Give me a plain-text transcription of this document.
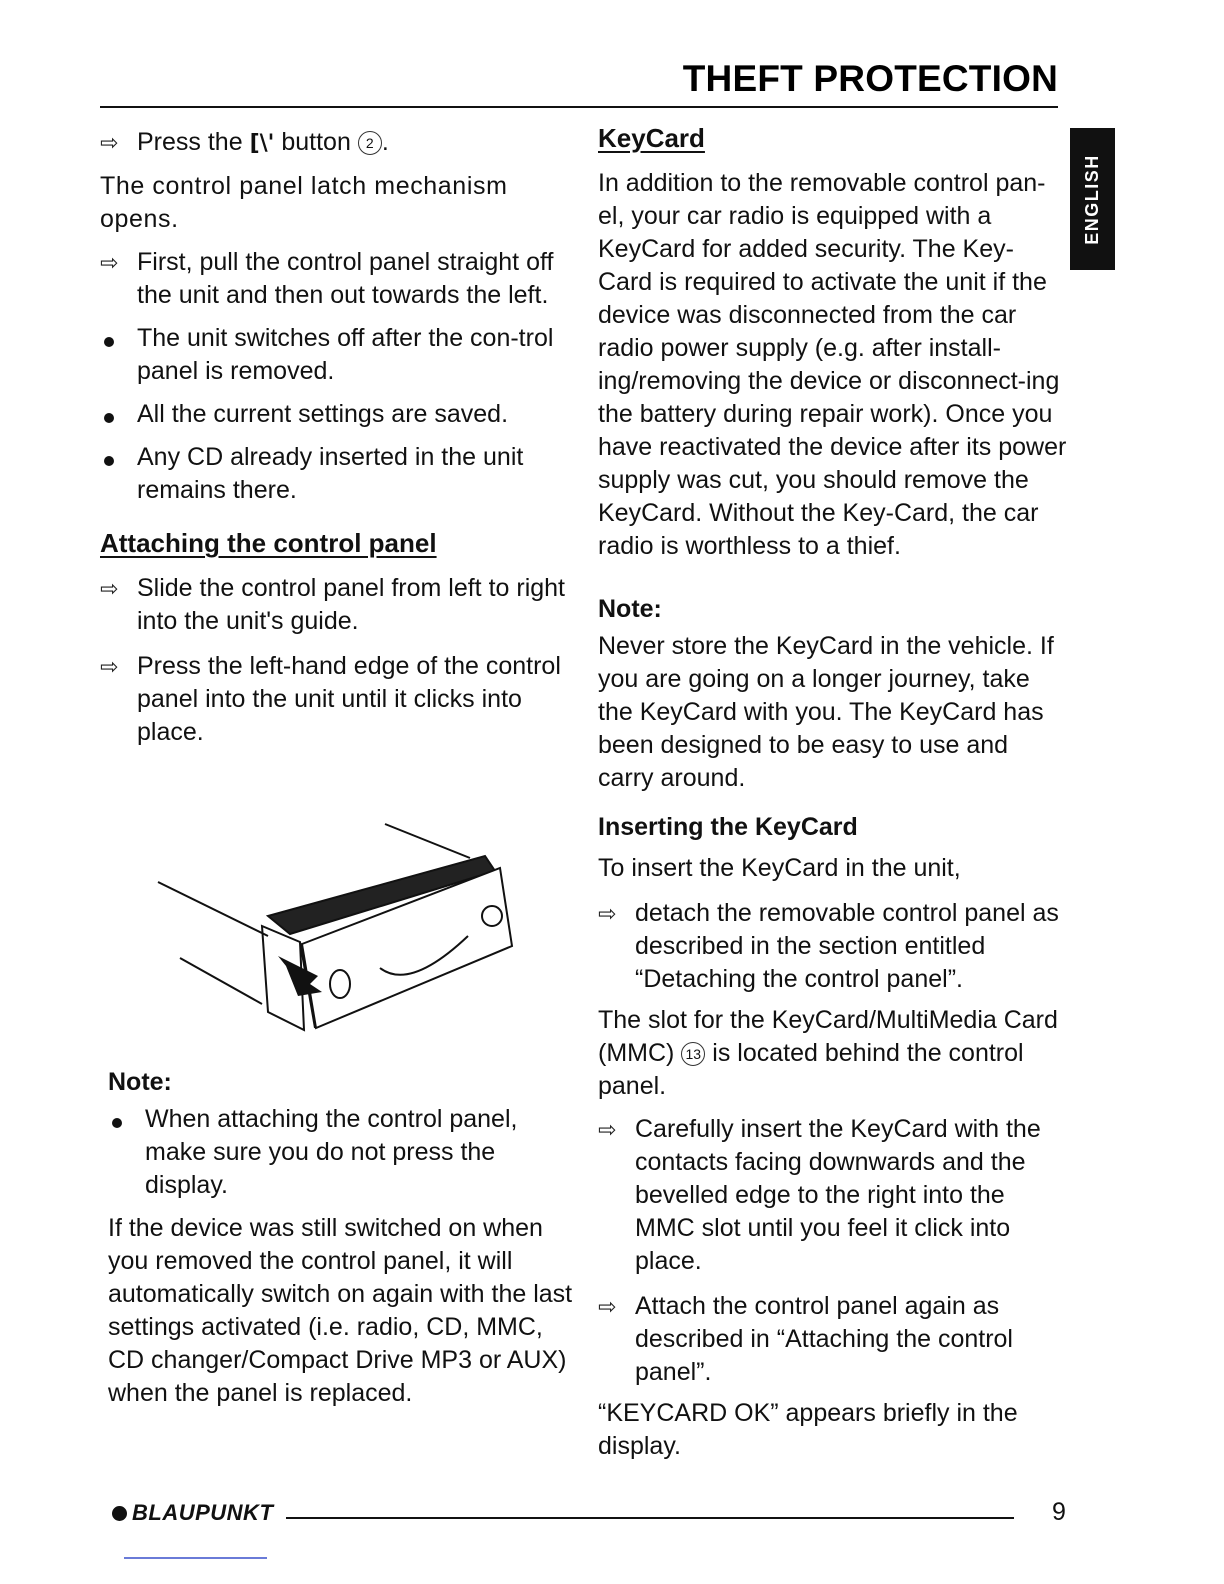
THEFT PROTECTION
ENGLISH
⇨ Press the [\' button 2 .

The control panel latch mechanism opens.

⇨ First, pull the control panel straight off the unit and then out towards the left.
The unit switches off after the con-trol panel is removed.
All the current settings are saved.
Any CD already inserted in the unit remains there.
Attaching the control panel
⇨ Slide the control panel from left to right into the unit's guide.
⇨ Press the left-hand edge of the control panel into the unit until it clicks into place.
Note:
When attaching the control panel, make sure you do not press the display.

If the device was still switched on when you removed the control panel, it will automatically switch on again with the last settings activated (i.e. radio, CD, MMC, CD changer/Compact Drive MP3 or AUX) when the panel is replaced.

KeyCard

In addition to the removable control pan-el, your car radio is equipped with a KeyCard for added security. The Key-Card is required to activate the unit if the device was disconnected from the car radio power supply (e.g. after install-ing/removing the device or disconnect-ing the battery during repair work). Once you have reactivated the device after its power supply was cut, you should remove the KeyCard. Without the Key-Card, the car radio is worthless to a thief.

Note:

Never store the KeyCard in the vehicle. If you are going on a longer journey, take the KeyCard with you. The KeyCard has been designed to be easy to use and carry around.

Inserting the KeyCard

To insert the KeyCard in the unit,

⇨ detach the removable control panel as described in the section entitled “Detaching the control panel”.

The slot for the KeyCard/MultiMedia Card (MMC) 13 is located behind the control panel.

⇨ Carefully insert the KeyCard with the contacts facing downwards and the bevelled edge to the right into the MMC slot until you feel it click into place.
⇨ Attach the control panel again as described in “Attaching the control panel”.

“KEYCARD OK” appears briefly in the display.

BLAUPUNKT	9
